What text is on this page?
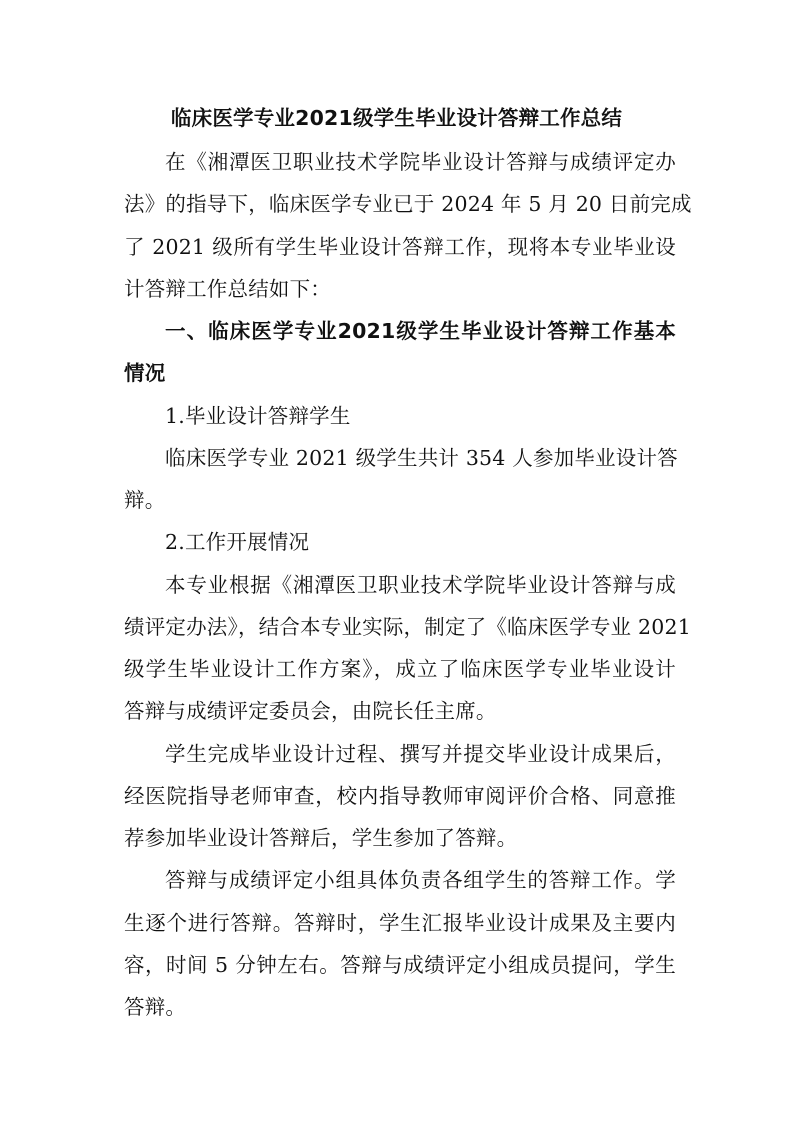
临床医学专业2021级学生毕业设计答辩工作总结
在《湘潭医卫职业技术学院毕业设计答辩与成绩评定办
法》的指导下，临床医学专业已于 2024 年 5 月 20 日前完成
了 2021 级所有学生毕业设计答辩工作，现将本专业毕业设
计答辩工作总结如下：
一、临床医学专业2021级学生毕业设计答辩工作基本
情况
1.毕业设计答辩学生
临床医学专业 2021 级学生共计 354 人参加毕业设计答
辩。
2.工作开展情况
本专业根据《湘潭医卫职业技术学院毕业设计答辩与成
绩评定办法》，结合本专业实际，制定了《临床医学专业 2021
级学生毕业设计工作方案》，成立了临床医学专业毕业设计
答辩与成绩评定委员会，由院长任主席。
学生完成毕业设计过程、撰写并提交毕业设计成果后，
经医院指导老师审查，校内指导教师审阅评价合格、同意推
荐参加毕业设计答辩后，学生参加了答辩。
答辩与成绩评定小组具体负责各组学生的答辩工作。学
生逐个进行答辩。答辩时，学生汇报毕业设计成果及主要内
容，时间 5 分钟左右。答辩与成绩评定小组成员提问，学生
答辩。
